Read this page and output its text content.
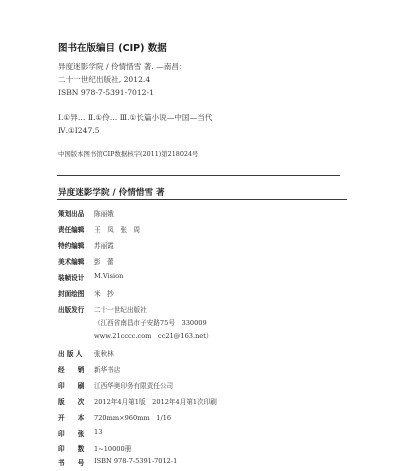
图书在版编目 (CIP) 数据
异度迷影学院 / 伶情惜雪 著. —南昌：
二十一世纪出版社, 2012.4
ISBN 978-7-5391-7012-1
Ⅰ.①异… Ⅱ.①伶… Ⅲ.①长篇小说—中国—当代
Ⅳ.①I247.5
中国版本图书馆CIP数据核字(2011)第218024号
异度迷影学院 / 伶情惜雪 著
策划出品 陈丽娥
责任编辑 王　凤　张　周
特约编辑 苏丽霞
美术编辑 彭　蕾
装帧设计 M.Vision
封面绘图 米　抄
出版发行 二十一世纪出版社
（江西省南昌市子安路75号　330009
www.21cccc.com　cc21@163.net）
出 版 人 张秋林
经　　销 新华书店
印　　刷 江西华奥印务有限责任公司
版　　次 2012年4月第1版　2012年4月第1次印刷
开　　本 720mm×960mm　1/16
印　　张 13
印　　数 1~10000册
书　　号 ISBN 978-7-5391-7012-1
